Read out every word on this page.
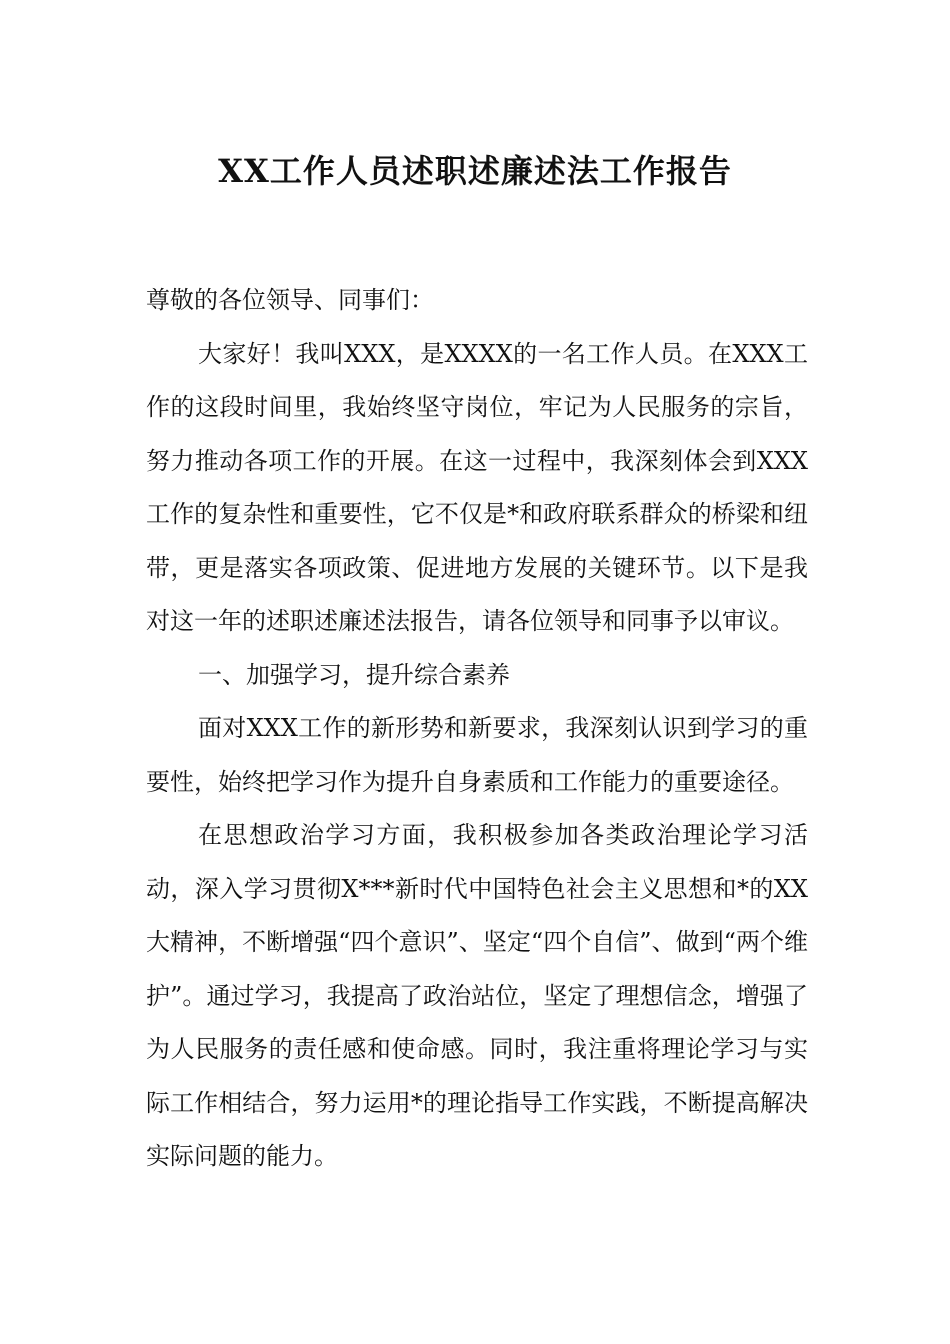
XX工作人员述职述廉述法工作报告

尊敬的各位领导、同事们：

大家好！我叫XXX，是XXXX的一名工作人员。在XXX工作的这段时间里，我始终坚守岗位，牢记为人民服务的宗旨，努力推动各项工作的开展。在这一过程中，我深刻体会到XXX工作的复杂性和重要性，它不仅是*和政府联系群众的桥梁和纽带，更是落实各项政策、促进地方发展的关键环节。以下是我对这一年的述职述廉述法报告，请各位领导和同事予以审议。

一、加强学习，提升综合素养

面对XXX工作的新形势和新要求，我深刻认识到学习的重要性，始终把学习作为提升自身素质和工作能力的重要途径。

在思想政治学习方面，我积极参加各类政治理论学习活动，深入学习贯彻X***新时代中国特色社会主义思想和*的XX大精神，不断增强“四个意识”、坚定“四个自信”、做到“两个维护”。通过学习，我提高了政治站位，坚定了理想信念，增强了为人民服务的责任感和使命感。同时，我注重将理论学习与实际工作相结合，努力运用*的理论指导工作实践，不断提高解决实际问题的能力。
